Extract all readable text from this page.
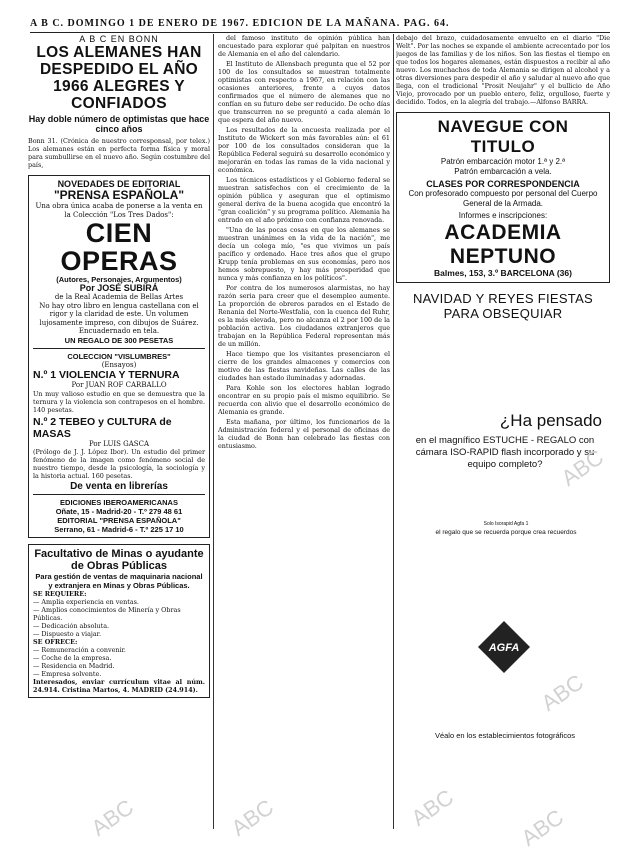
A B C. DOMINGO 1 DE ENERO DE 1967. EDICION DE LA MAÑANA. PAG. 64.
A B C EN BONN
LOS ALEMANES HAN DESPEDIDO EL AÑO 1966 ALEGRES Y CONFIADOS
Hay doble número de optimistas que hace cinco años
Bonn 31. (Crónica de nuestro corresponsal, por telex.) Los alemanes están en perfecta forma física y moral para sumbullirse en el nuevo año. Según costumbre del país,
NOVEDADES DE EDITORIAL
"PRENSA ESPAÑOLA"
Una obra única acaba de ponerse a la venta en la Colección "Los Tres Dados":
CIEN OPERAS
(Autores, Personajes, Argumentos)
Por JOSÉ SUBIRÁ
de la Real Academia de Bellas Artes
No hay otro libro en lengua castellana con el rigor y la claridad de este. Un volumen lujosamente impreso, con dibujos de Suárez. Encuadernado en tela.
UN REGALO DE 300 PESETAS
COLECCION "VISLUMBRES"
(Ensayos)
N.º 1 VIOLENCIA Y TERNURA
Por JUAN ROF CARBALLO
Un muy valioso estudio en que se demuestra que la ternura y la violencia son contrapesos en el hombre. 140 pesetas.
N.º 2 TEBEO y CULTURA de MASAS
Por LUIS GASCA
(Prólogo de J. J. López Ibor). Un estudio del primer fenómeno de la imagen como fenómeno social de nuestro tiempo, desde la psicología, la sociología y la historia actual. 160 pesetas.
De venta en librerías
EDICIONES IBEROAMERICANAS
Oñate, 15 - Madrid-20 - T.º 279 48 61
EDITORIAL "PRENSA ESPAÑOLA"
Serrano, 61 - Madrid-6 - T.º 225 17 10
Facultativo de Minas o ayudante de Obras Públicas
Para gestión de ventas de maquinaria nacional y extranjera en Minas y Obras Públicas.
SE REQUIERE:
— Amplia experiencia en ventas.
— Amplios conocimientos de Minería y Obras Públicas.
— Dedicación absoluta.
— Dispuesto a viajar.
SE OFRECE:
— Remuneración a convenir.
— Coche de la empresa.
— Residencia en Madrid.
— Empresa solvente.
Interesados, enviar currículum vitae al núm. 24.914. Cristina Martos, 4. MADRID (24.914).

del famoso instituto de opinión pública han encuestado para explorar qué palpitan en nuestros de Alemania en el año del calendario.

El Instituto de Allensbach pregunta que el 52 por 100 de los consultados se muestran totalmente optimistas con respecto a 1967, en relación con las ocasiones anteriores, frente a cuyos datos confirmados que el número de alemanes que no confían en su futuro debe ser reducido. De ocho días que transcurren no se preguntó a cada alemán lo que espera del año nuevo.

Los resultados de la encuesta realizada por el Instituto de Wickert son más favorables aún: el 61 por 100 de los consultados consideran que la República Federal seguirá su desarrollo económico y mejorarán en todas las ramas de la vida nacional y económica.

Los técnicos estadísticos y el Gobierno federal se muestran satisfechos con el crecimiento de la opinión pública y aseguran que el optimismo general deriva de la buena acogida que encontró la "gran coalición" y su programa político. Alemania ha entrado en el año próximo con confianza renovada.

"Una de las pocas cosas en que los alemanes se muestran unánimes en la vida de la nación", me decía un colega mío, "es que vivimos un país pacífico y ordenado. Hace tres años que el grupo Krupp tenía problemas en sus economías, pero nos hemos sobrepuesto, y hay más prosperidad que nunca y más confianza en los políticos".

Por contra de los numerosos alarmistas, no hay razón seria para creer que el desempleo aumente. La proporción de obreros parados en el Estado de Renania del Norte-Westfalia, con la cuenca del Ruhr, es la más elevada, pero no alcanza el 2 por 100 de la población activa. Los ciudadanos extranjeros que trabajan en la República Federal representan más de un millón.

Hace tiempo que los visitantes presenciaron el cierre de los grandes almacenes y comercios con motivo de las fiestas navideñas. Las calles de las ciudades han estado iluminadas y adornadas.

Para Kohle son los electores hablan logrado encontrar en su propio país el mismo equilibrio. Se recuerda con alivio que el desarrollo económico de Alemania es grande.

Esta mañana, por último, los funcionarios de la Administración federal y el personal de oficinas de la ciudad de Bonn han celebrado las fiestas con entusiasmo.

debajo del brazo, cuidadosamente envuelto en el diario "Die Welt". Por las noches se expande el ambiente acrecentado por los juegos de las familias y de los niños. Son las fiestas el tiempo en que todos los hogares alemanes, están dispuestos a recibir al año nuevo. Los muchachos de toda Alemania se dirigen al alcohol y a otras diversiones para despedir el año y saludar al nuevo año que llega, con el tradicional "Prosit Neujahr" y el bullicio de Año Viejo, provocado por un pueblo entero, feliz, orgulloso, fuerte y decidido. Todos, en la alegría del trabajo.—Alfonso BARRA.
NAVEGUE CON TITULO
Patrón embarcación motor 1.ª y 2.ª
Patrón embarcación a vela.
CLASES POR CORRESPONDENCIA
Con profesorado compuesto por personal del Cuerpo General de la Armada.
Informes e inscripciones:
ACADEMIA NEPTUNO
Balmes, 153, 3.º BARCELONA (36)
NAVIDAD Y REYES FIESTAS PARA OBSEQUIAR
¿Ha pensado
en el magnífico ESTUCHE - REGALO con cámara ISO-RAPID flash incorporado y su equipo completo?
Solo Isorapid Agfa 1
el regalo que se recuerda porque crea recuerdos
AGFA
Véalo en los establecimientos fotográficos
ABC	ABC	ABC	ABC
ABC
ABC
